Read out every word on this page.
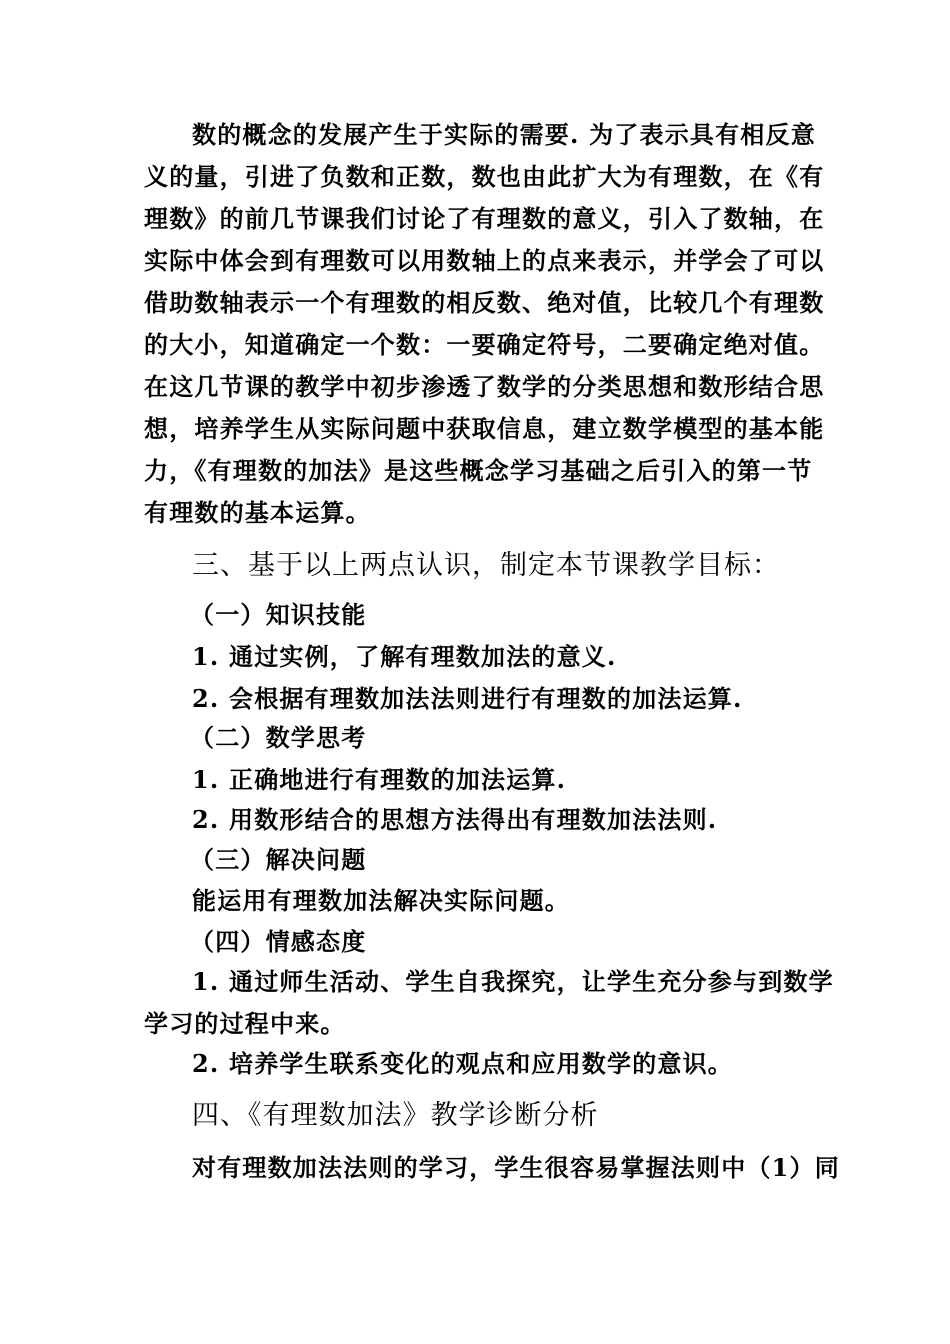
数的概念的发展产生于实际的需要. 为了表示具有相反意
义的量，引进了负数和正数，数也由此扩大为有理数，在《有
理数》的前几节课我们讨论了有理数的意义，引入了数轴，在
实际中体会到有理数可以用数轴上的点来表示，并学会了可以
借助数轴表示一个有理数的相反数、绝对值，比较几个有理数
的大小，知道确定一个数：一要确定符号，二要确定绝对值。
在这几节课的教学中初步渗透了数学的分类思想和数形结合思
想，培养学生从实际问题中获取信息，建立数学模型的基本能
力，《有理数的加法》是这些概念学习基础之后引入的第一节
有理数的基本运算。
三、基于以上两点认识，制定本节课教学目标：
（一）知识技能
1. 通过实例，了解有理数加法的意义.
2. 会根据有理数加法法则进行有理数的加法运算.
（二）数学思考
1. 正确地进行有理数的加法运算.
2. 用数形结合的思想方法得出有理数加法法则.
（三）解决问题
能运用有理数加法解决实际问题。
（四）情感态度
1. 通过师生活动、学生自我探究，让学生充分参与到数学
学习的过程中来。
2. 培养学生联系变化的观点和应用数学的意识。
四、《有理数加法》教学诊断分析
对有理数加法法则的学习，学生很容易掌握法则中（1）同
